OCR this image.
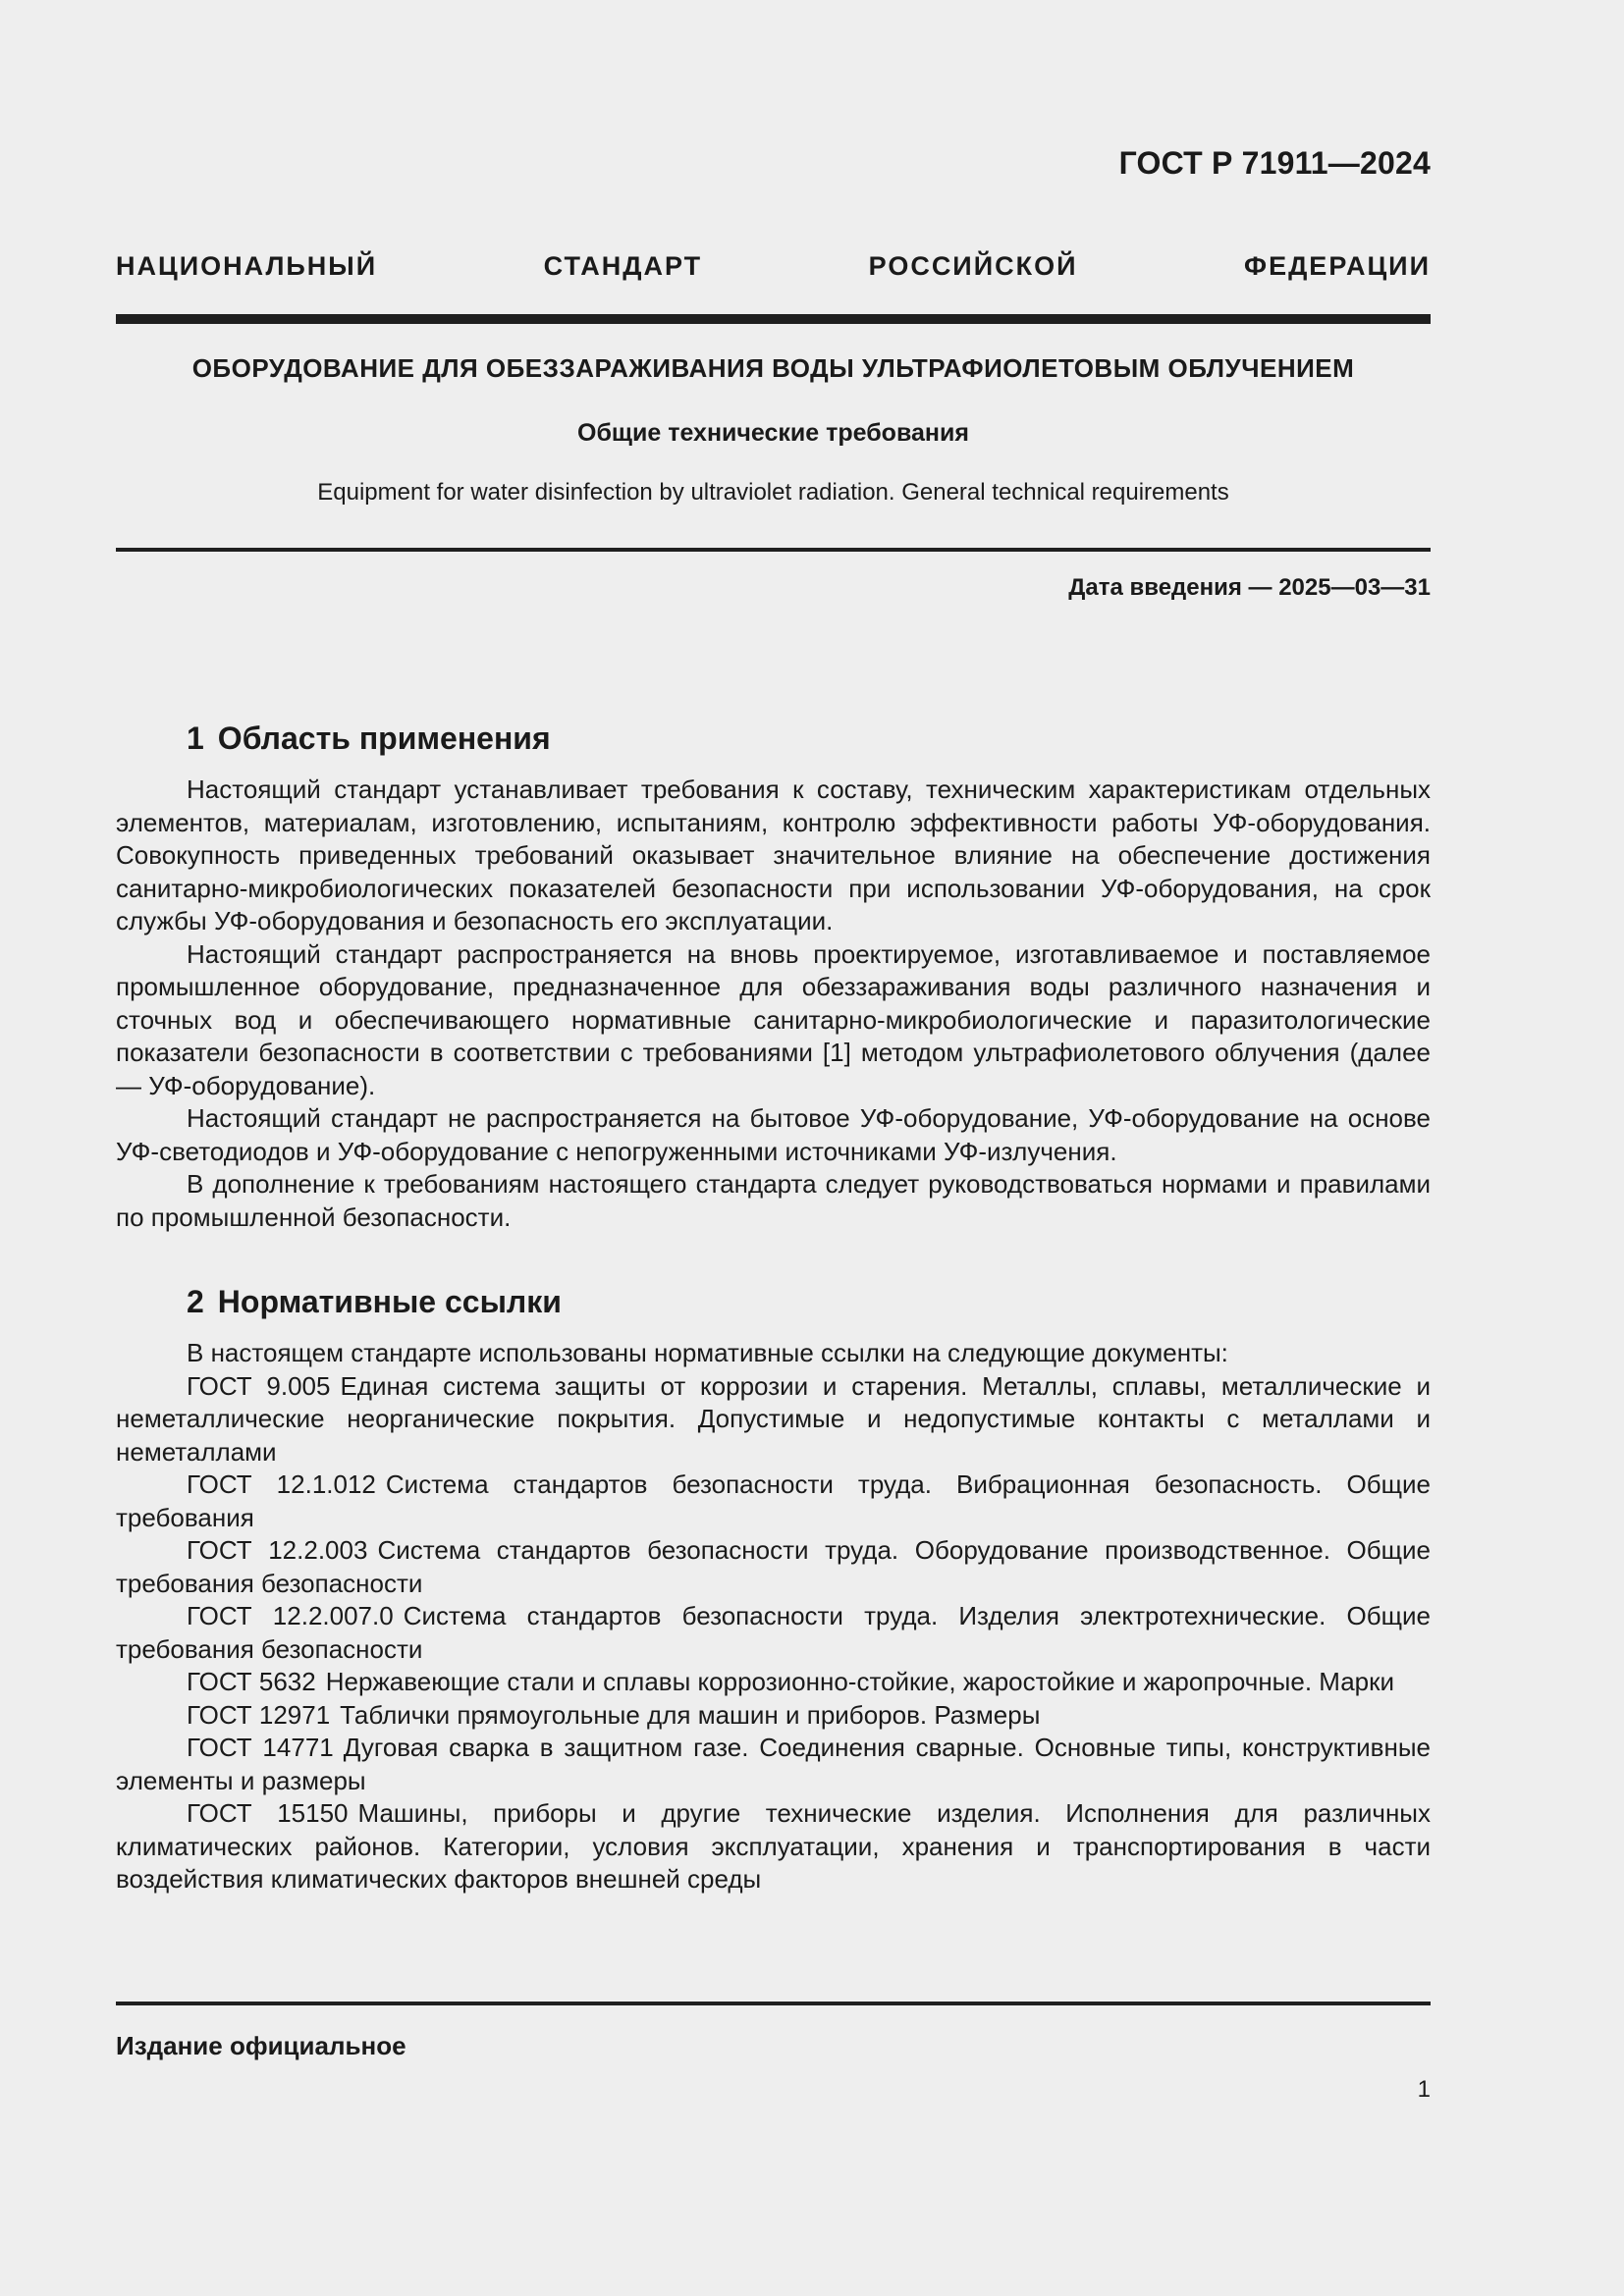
ГОСТ Р 71911—2024
НАЦИОНАЛЬНЫЙ СТАНДАРТ РОССИЙСКОЙ ФЕДЕРАЦИИ
ОБОРУДОВАНИЕ ДЛЯ ОБЕЗЗАРАЖИВАНИЯ ВОДЫ УЛЬТРАФИОЛЕТОВЫМ ОБЛУЧЕНИЕМ
Общие технические требования
Equipment for water disinfection by ultraviolet radiation. General technical requirements
Дата введения — 2025—03—31
1 Область применения

Настоящий стандарт устанавливает требования к составу, техническим характеристикам отдельных элементов, материалам, изготовлению, испытаниям, контролю эффективности работы УФ-оборудования. Совокупность приведенных требований оказывает значительное влияние на обеспечение достижения санитарно-микробиологических показателей безопасности при использовании УФ-оборудования, на срок службы УФ-оборудования и безопасность его эксплуатации.

Настоящий стандарт распространяется на вновь проектируемое, изготавливаемое и поставляемое промышленное оборудование, предназначенное для обеззараживания воды различного назначения и сточных вод и обеспечивающего нормативные санитарно-микробиологические и паразитологические показатели безопасности в соответствии с требованиями [1] методом ультрафиолетового облучения (далее — УФ-оборудование).

Настоящий стандарт не распространяется на бытовое УФ-оборудование, УФ-оборудование на основе УФ-светодиодов и УФ-оборудование с непогруженными источниками УФ-излучения.

В дополнение к требованиям настоящего стандарта следует руководствоваться нормами и правилами по промышленной безопасности.

2 Нормативные ссылки

В настоящем стандарте использованы нормативные ссылки на следующие документы:

ГОСТ 9.005 Единая система защиты от коррозии и старения. Металлы, сплавы, металлические и неметаллические неорганические покрытия. Допустимые и недопустимые контакты с металлами и неметаллами

ГОСТ 12.1.012 Система стандартов безопасности труда. Вибрационная безопасность. Общие требования

ГОСТ 12.2.003 Система стандартов безопасности труда. Оборудование производственное. Общие требования безопасности

ГОСТ 12.2.007.0 Система стандартов безопасности труда. Изделия электротехнические. Общие требования безопасности

ГОСТ 5632 Нержавеющие стали и сплавы коррозионно-стойкие, жаростойкие и жаропрочные. Марки

ГОСТ 12971 Таблички прямоугольные для машин и приборов. Размеры

ГОСТ 14771 Дуговая сварка в защитном газе. Соединения сварные. Основные типы, конструктивные элементы и размеры

ГОСТ 15150 Машины, приборы и другие технические изделия. Исполнения для различных климатических районов. Категории, условия эксплуатации, хранения и транспортирования в части воздействия климатических факторов внешней среды

Издание официальное
1
